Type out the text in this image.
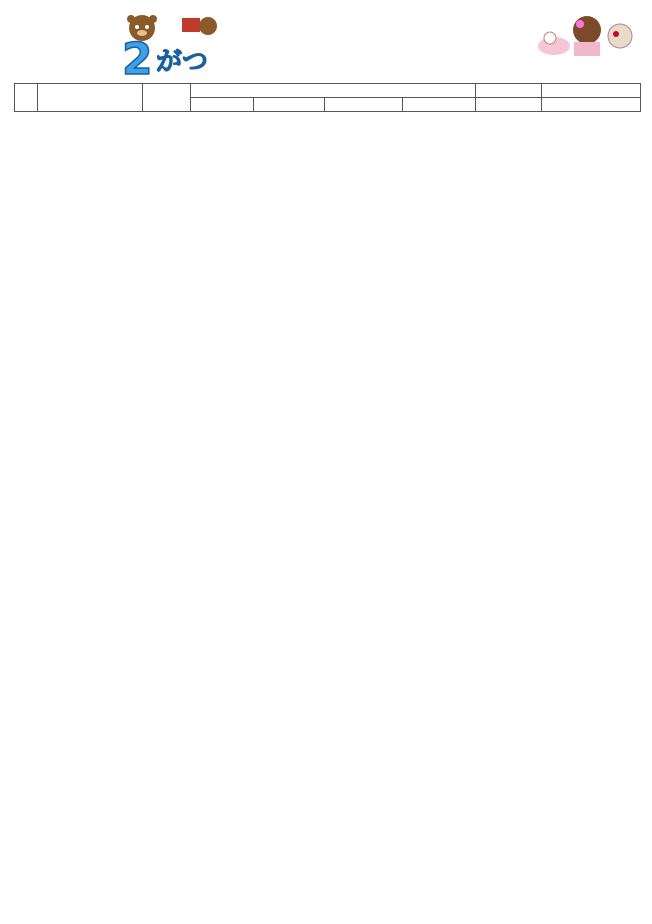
2 がつ
